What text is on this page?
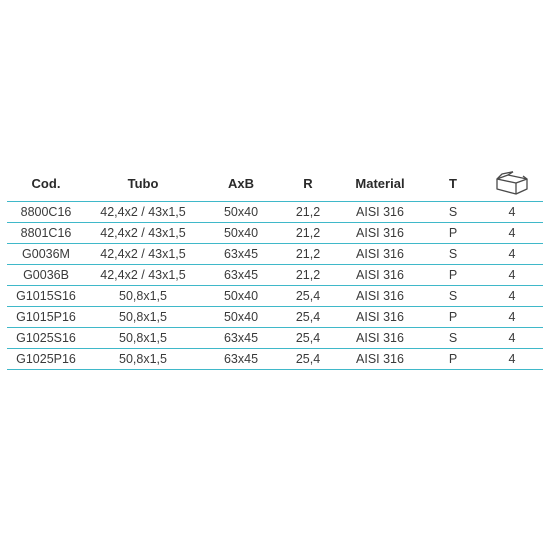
Cod.	Tubo	AxB	R	Material	T
8800C16	42,4x2 / 43x1,5	50x40	21,2	AISI 316	S	4
8801C16	42,4x2 / 43x1,5	50x40	21,2	AISI 316	P	4
G0036M	42,4x2 / 43x1,5	63x45	21,2	AISI 316	S	4
G0036B	42,4x2 / 43x1,5	63x45	21,2	AISI 316	P	4
G1015S16	50,8x1,5	50x40	25,4	AISI 316	S	4
G1015P16	50,8x1,5	50x40	25,4	AISI 316	P	4
G1025S16	50,8x1,5	63x45	25,4	AISI 316	S	4
G1025P16	50,8x1,5	63x45	25,4	AISI 316	P	4
